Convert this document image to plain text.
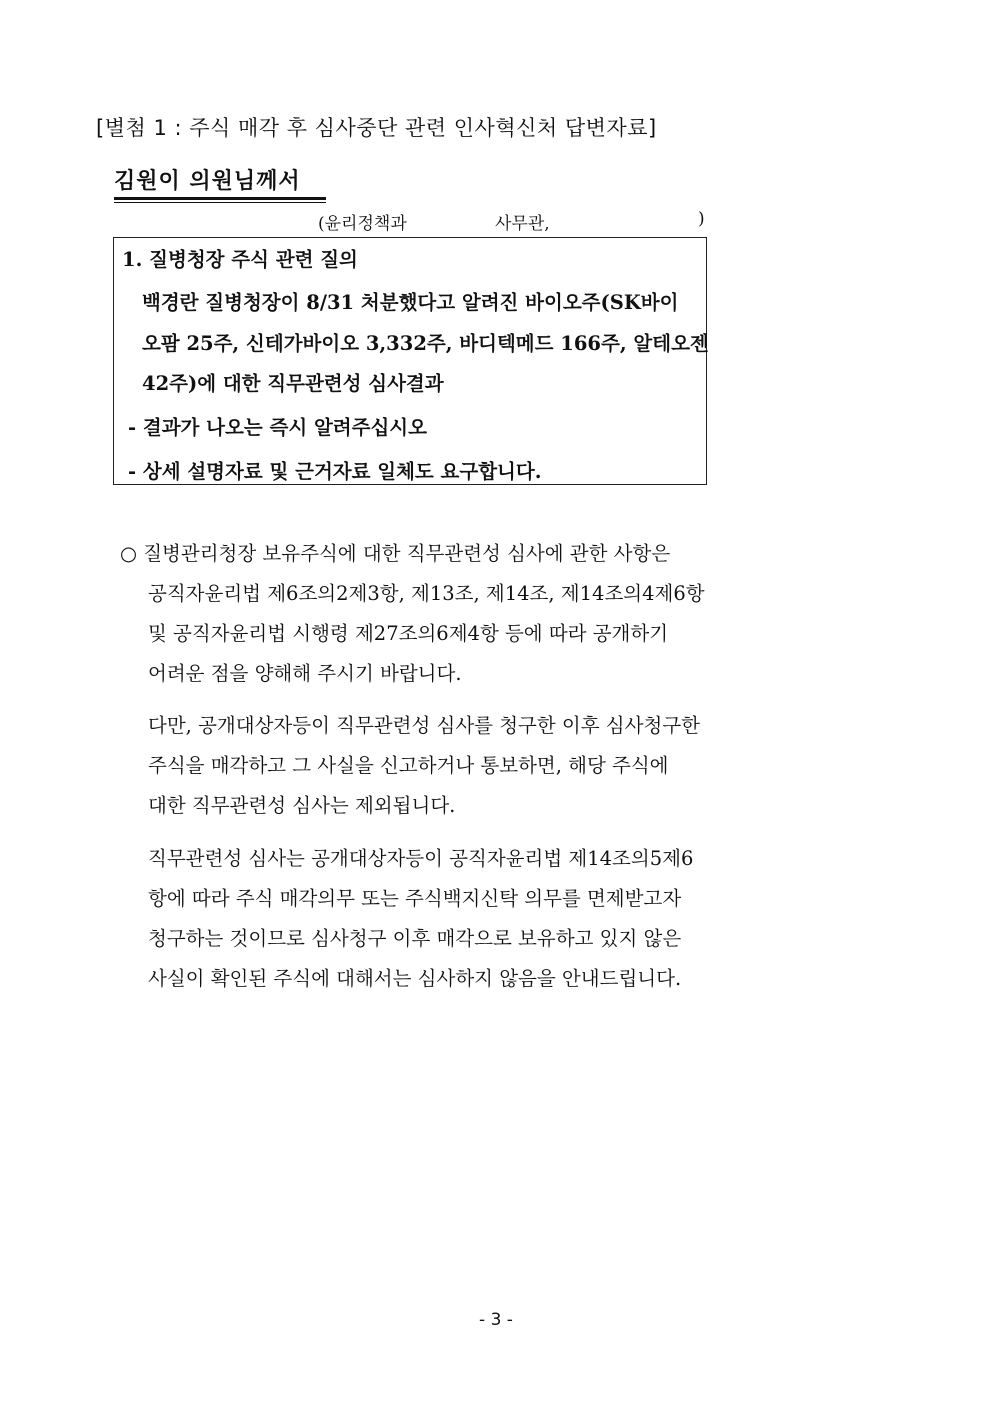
[별첨 1 : 주식 매각 후 심사중단 관련 인사혁신처 답변자료]
김원이 의원님께서
(윤리정책과	사무관,	)
1. 질병청장 주식 관련 질의
백경란 질병청장이 8/31 처분했다고 알려진 바이오주(SK바이
오팜 25주, 신테가바이오 3,332주, 바디텍메드 166주, 알테오젠
42주)에 대한 직무관련성 심사결과
- 결과가 나오는 즉시 알려주십시오
- 상세 설명자료 및 근거자료 일체도 요구합니다.
○ 질병관리청장 보유주식에 대한 직무관련성 심사에 관한 사항은
공직자윤리법 제6조의2제3항, 제13조, 제14조, 제14조의4제6항
및 공직자윤리법 시행령 제27조의6제4항 등에 따라 공개하기
어려운 점을 양해해 주시기 바랍니다.
다만, 공개대상자등이 직무관련성 심사를 청구한 이후 심사청구한
주식을 매각하고 그 사실을 신고하거나 통보하면, 해당 주식에
대한 직무관련성 심사는 제외됩니다.
직무관련성 심사는 공개대상자등이 공직자윤리법 제14조의5제6
항에 따라 주식 매각의무 또는 주식백지신탁 의무를 면제받고자
청구하는 것이므로 심사청구 이후 매각으로 보유하고 있지 않은
사실이 확인된 주식에 대해서는 심사하지 않음을 안내드립니다.
- 3 -
